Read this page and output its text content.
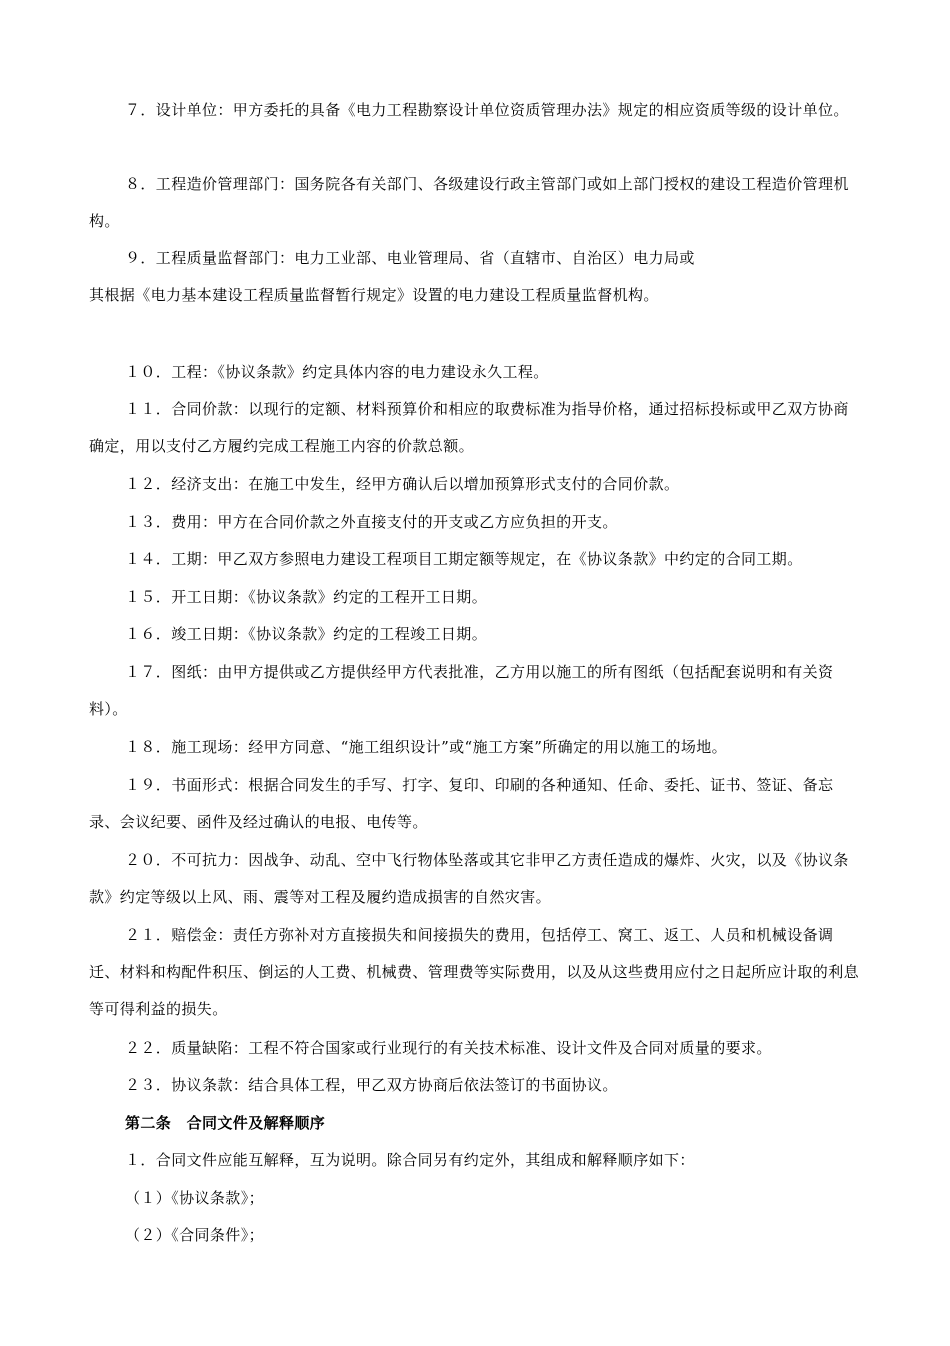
７．设计单位：甲方委托的具备《电力工程勘察设计单位资质管理办法》规定的相应资质等级的设计单位。
８．工程造价管理部门：国务院各有关部门、各级建设行政主管部门或如上部门授权的建设工程造价管理机构。
９．工程质量监督部门：电力工业部、电业管理局、省（直辖市、自治区）电力局或其根据《电力基本建设工程质量监督暂行规定》设置的电力建设工程质量监督机构。
１０．工程：《协议条款》约定具体内容的电力建设永久工程。
１１．合同价款：以现行的定额、材料预算价和相应的取费标准为指导价格，通过招标投标或甲乙双方协商确定，用以支付乙方履约完成工程施工内容的价款总额。
１２．经济支出：在施工中发生，经甲方确认后以增加预算形式支付的合同价款。
１３．费用：甲方在合同价款之外直接支付的开支或乙方应负担的开支。
１４．工期：甲乙双方参照电力建设工程项目工期定额等规定，在《协议条款》中约定的合同工期。
１５．开工日期：《协议条款》约定的工程开工日期。
１６．竣工日期：《协议条款》约定的工程竣工日期。
１７．图纸：由甲方提供或乙方提供经甲方代表批准，乙方用以施工的所有图纸（包括配套说明和有关资料）。
１８．施工现场：经甲方同意、“施工组织设计”或“施工方案”所确定的用以施工的场地。
１９．书面形式：根据合同发生的手写、打字、复印、印刷的各种通知、任命、委托、证书、签证、备忘录、会议纪要、函件及经过确认的电报、电传等。
２０．不可抗力：因战争、动乱、空中飞行物体坠落或其它非甲乙方责任造成的爆炸、火灾，以及《协议条款》约定等级以上风、雨、震等对工程及履约造成损害的自然灾害。
２１．赔偿金：责任方弥补对方直接损失和间接损失的费用，包括停工、窝工、返工、人员和机械设备调迁、材料和构配件积压、倒运的人工费、机械费、管理费等实际费用，以及从这些费用应付之日起所应计取的利息等可得利益的损失。
２２．质量缺陷：工程不符合国家或行业现行的有关技术标准、设计文件及合同对质量的要求。
２３．协议条款：结合具体工程，甲乙双方协商后依法签订的书面协议。
第二条　合同文件及解释顺序
１．合同文件应能互解释，互为说明。除合同另有约定外，其组成和解释顺序如下：
（１）《协议条款》；
（２）《合同条件》；
